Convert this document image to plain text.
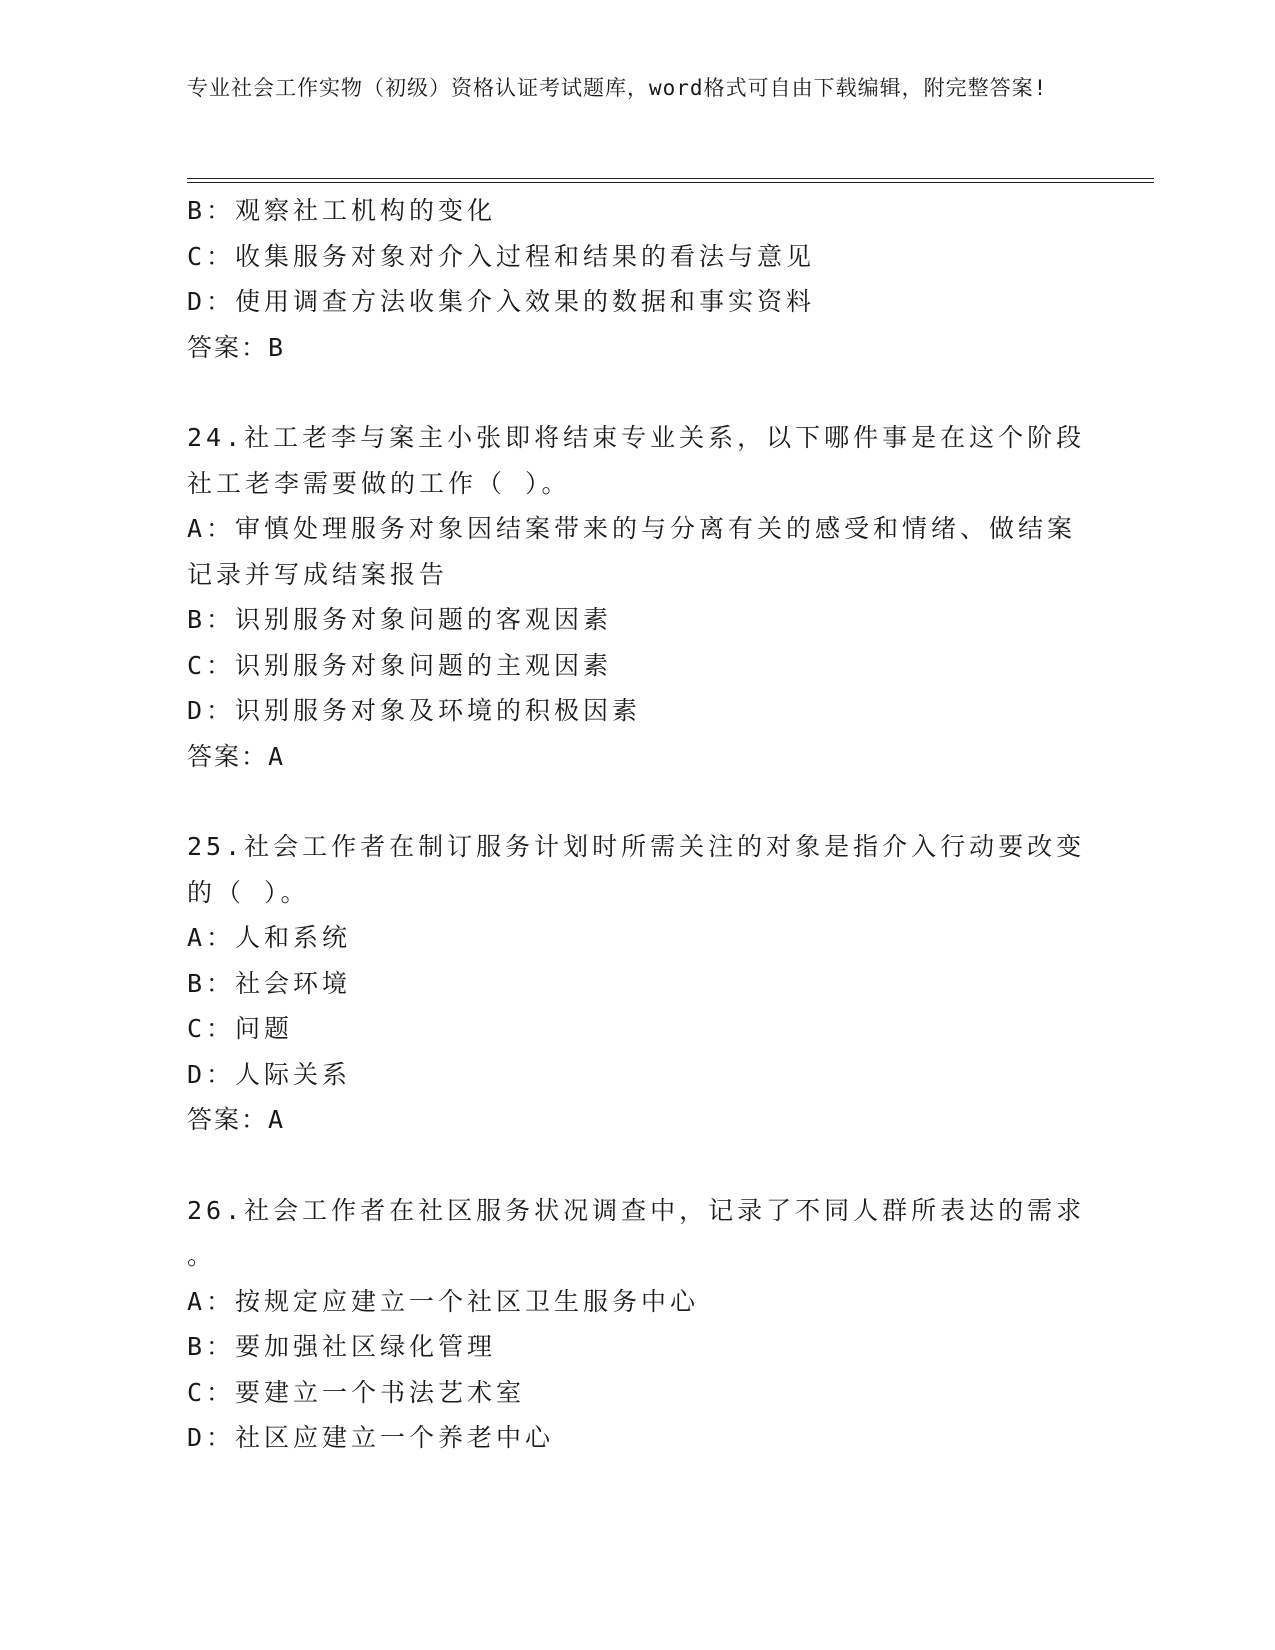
专业社会工作实物（初级）资格认证考试题库，word格式可自由下载编辑，附完整答案!
B：观察社工机构的变化
C：收集服务对象对介入过程和结果的看法与意见
D：使用调查方法收集介入效果的数据和事实资料
答案：B
24.社工老李与案主小张即将结束专业关系，以下哪件事是在这个阶段
社工老李需要做的工作（ ）。
A：审慎处理服务对象因结案带来的与分离有关的感受和情绪、做结案
记录并写成结案报告
B：识别服务对象问题的客观因素
C：识别服务对象问题的主观因素
D：识别服务对象及环境的积极因素
答案：A
25.社会工作者在制订服务计划时所需关注的对象是指介入行动要改变
的（ ）。
A：人和系统
B：社会环境
C：问题
D：人际关系
答案：A
26.社会工作者在社区服务状况调查中，记录了不同人群所表达的需求
。
A：按规定应建立一个社区卫生服务中心
B：要加强社区绿化管理
C：要建立一个书法艺术室
D：社区应建立一个养老中心
